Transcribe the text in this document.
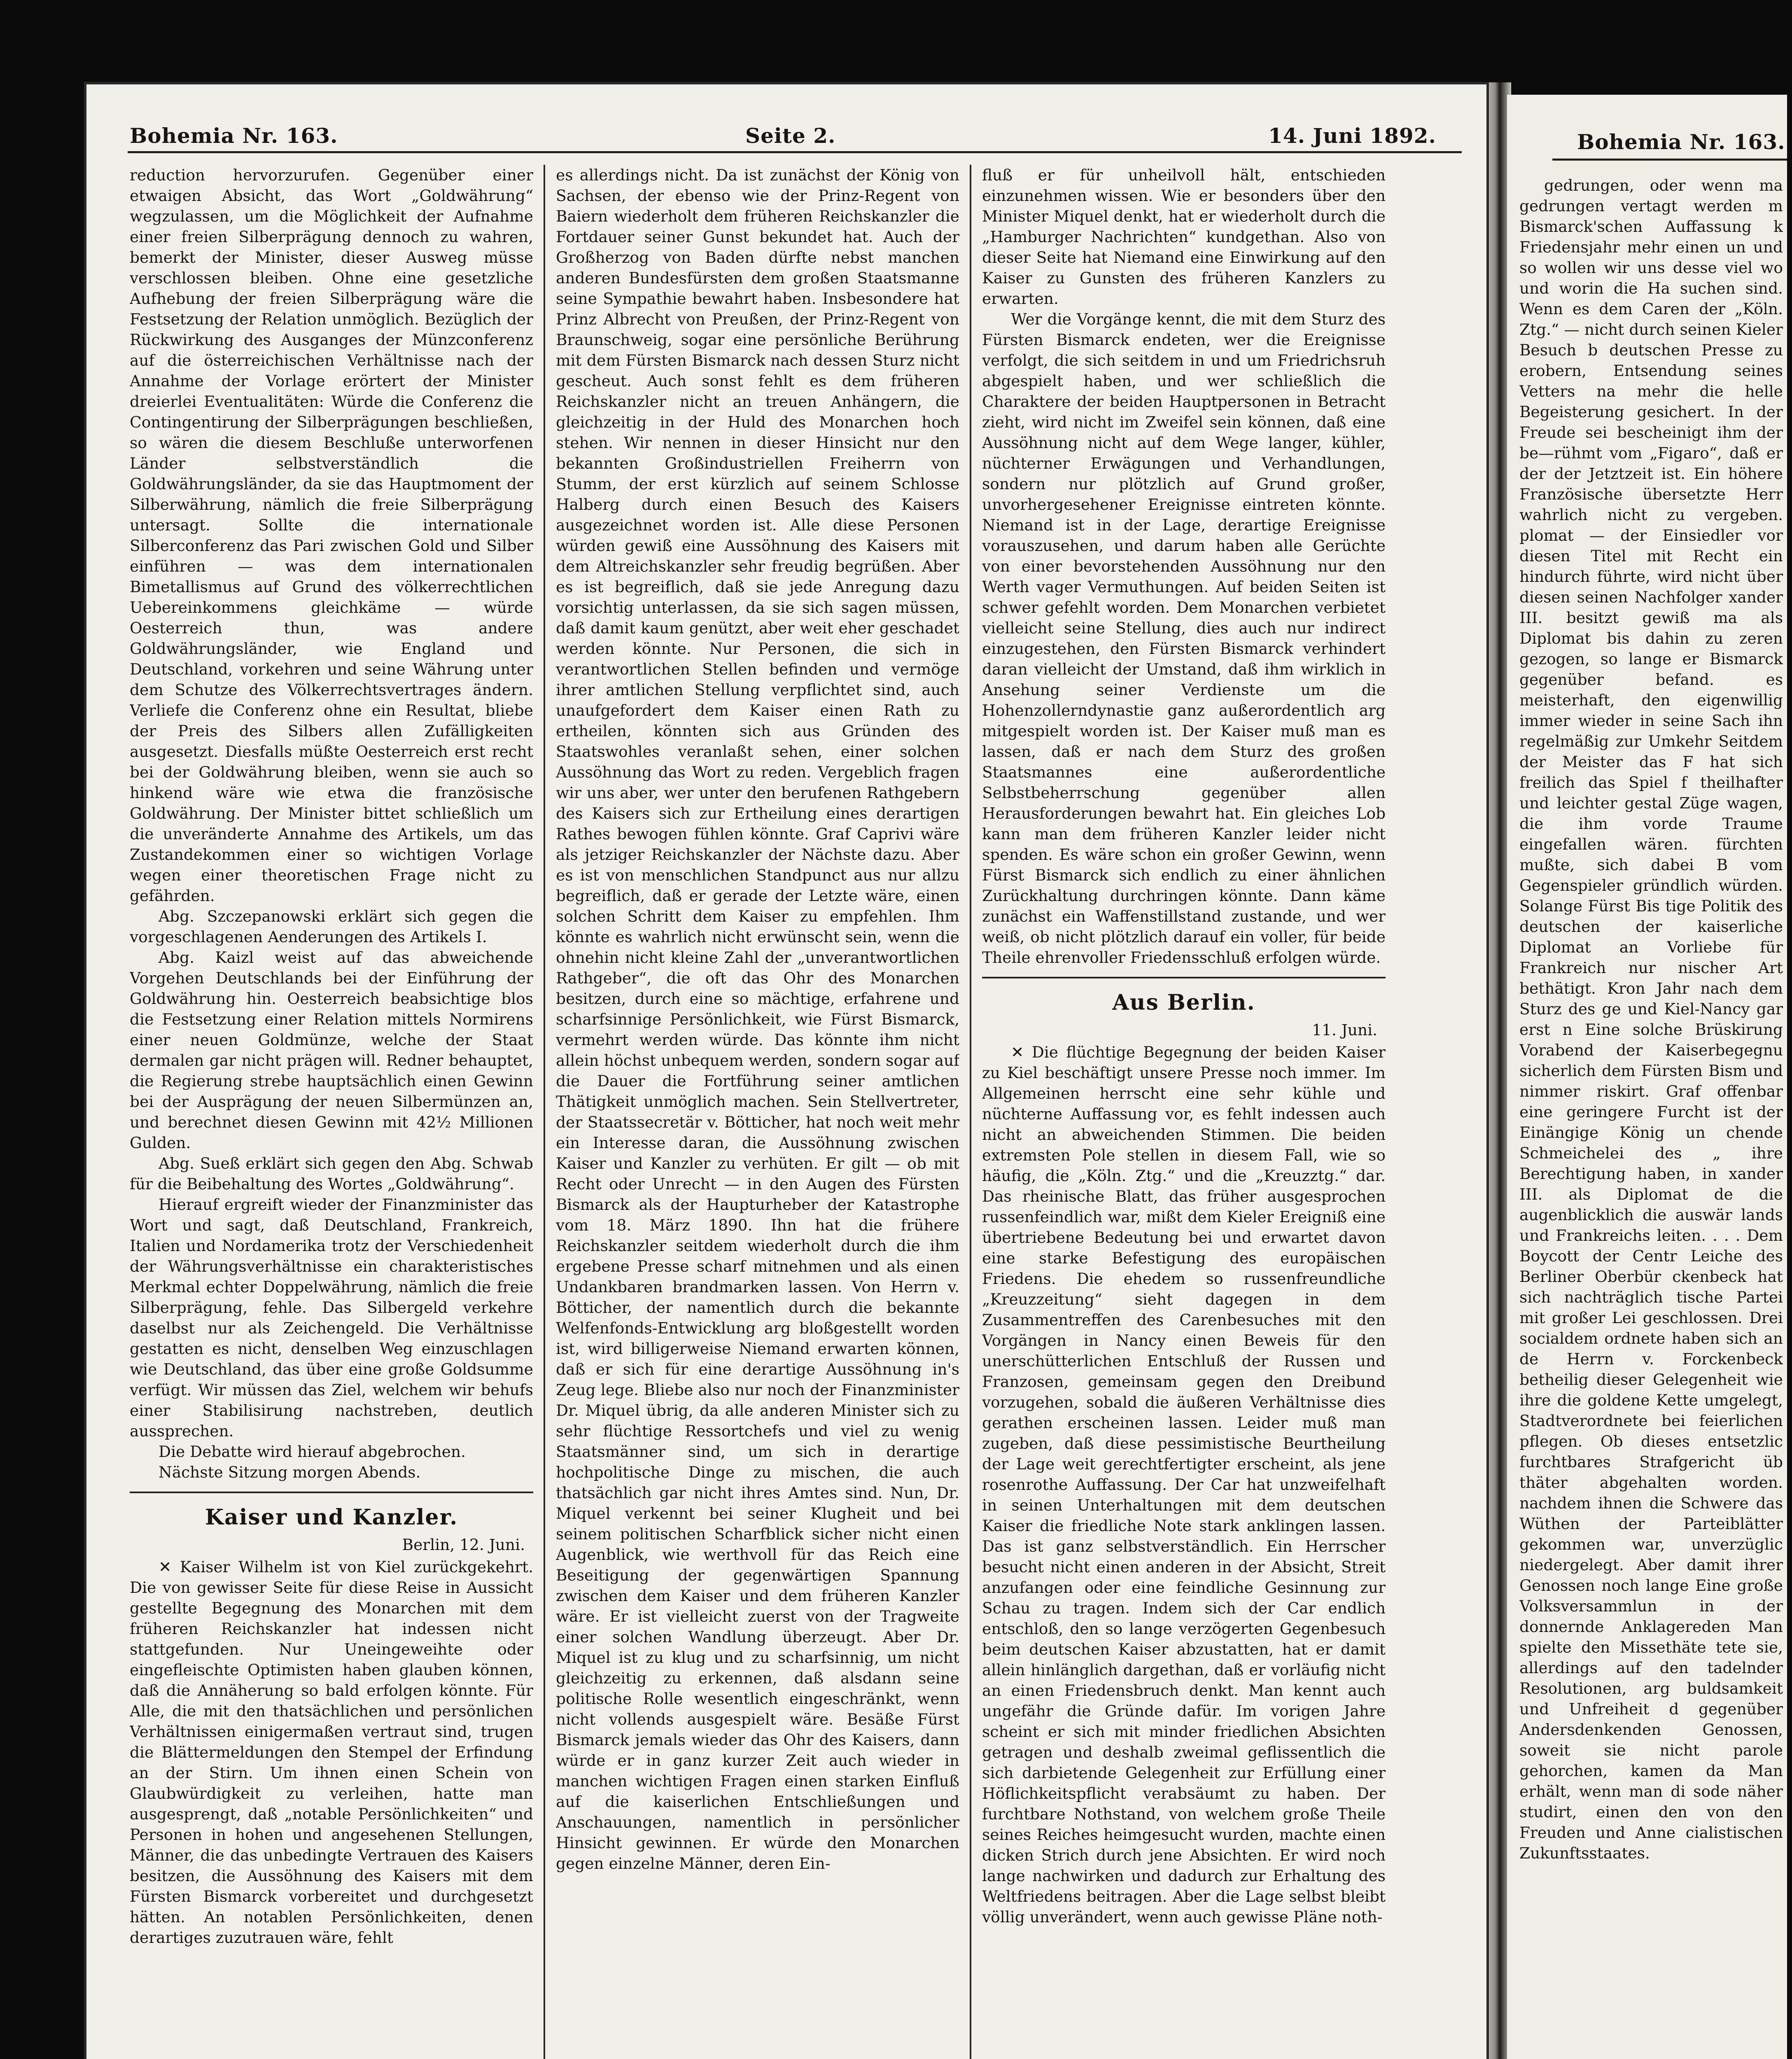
Bohemia Nr. 163.	Seite 2.	14. Juni 1892.

reduction hervorzurufen. Gegenüber einer etwaigen Absicht, das Wort „Goldwährung“ wegzulassen, um die Möglichkeit der Aufnahme einer freien Silberprägung dennoch zu wahren, bemerkt der Minister, dieser Ausweg müsse verschlossen bleiben. Ohne eine gesetzliche Aufhebung der freien Silberprägung wäre die Festsetzung der Relation unmöglich. Bezüglich der Rückwirkung des Ausganges der Münzconferenz auf die österreichischen Verhältnisse nach der Annahme der Vorlage erörtert der Minister dreierlei Eventualitäten: Würde die Conferenz die Contingentirung der Silberprägungen beschließen, so wären die diesem Beschluße unterworfenen Länder selbstverständlich die Goldwährungsländer, da sie das Hauptmoment der Silberwährung, nämlich die freie Silberprägung untersagt. Sollte die internationale Silberconferenz das Pari zwischen Gold und Silber einführen — was dem internationalen Bimetallismus auf Grund des völkerrechtlichen Uebereinkommens gleichkäme — würde Oesterreich thun, was andere Goldwährungsländer, wie England und Deutschland, vorkehren und seine Währung unter dem Schutze des Völkerrechtsvertrages ändern. Verliefe die Conferenz ohne ein Resultat, bliebe der Preis des Silbers allen Zufälligkeiten ausgesetzt. Diesfalls müßte Oesterreich erst recht bei der Goldwährung bleiben, wenn sie auch so hinkend wäre wie etwa die französische Goldwährung. Der Minister bittet schließlich um die unveränderte Annahme des Artikels, um das Zustandekommen einer so wichtigen Vorlage wegen einer theoretischen Frage nicht zu gefährden.

Abg. Szczepanowski erklärt sich gegen die vorgeschlagenen Aenderungen des Artikels I.

Abg. Kaizl weist auf das abweichende Vorgehen Deutschlands bei der Einführung der Goldwährung hin. Oesterreich beabsichtige blos die Festsetzung einer Relation mittels Normirens einer neuen Goldmünze, welche der Staat dermalen gar nicht prägen will. Redner behauptet, die Regierung strebe hauptsächlich einen Gewinn bei der Ausprägung der neuen Silbermünzen an, und berechnet diesen Gewinn mit 42½ Millionen Gulden.

Abg. Sueß erklärt sich gegen den Abg. Schwab für die Beibehaltung des Wortes „Goldwährung“.

Hierauf ergreift wieder der Finanzminister das Wort und sagt, daß Deutschland, Frankreich, Italien und Nordamerika trotz der Verschiedenheit der Währungsverhältnisse ein charakteristisches Merkmal echter Doppelwährung, nämlich die freie Silberprägung, fehle. Das Silbergeld verkehre daselbst nur als Zeichengeld. Die Verhältnisse gestatten es nicht, denselben Weg einzuschlagen wie Deutschland, das über eine große Goldsumme verfügt. Wir müssen das Ziel, welchem wir behufs einer Stabilisirung nachstreben, deutlich aussprechen.

Die Debatte wird hierauf abgebrochen.

Nächste Sitzung morgen Abends.

Kaiser und Kanzler.
Berlin, 12. Juni.

✕ Kaiser Wilhelm ist von Kiel zurückgekehrt. Die von gewisser Seite für diese Reise in Aussicht gestellte Begegnung des Monarchen mit dem früheren Reichskanzler hat indessen nicht stattgefunden. Nur Uneingeweihte oder eingefleischte Optimisten haben glauben können, daß die Annäherung so bald erfolgen könnte. Für Alle, die mit den thatsächlichen und persönlichen Verhältnissen einigermaßen vertraut sind, trugen die Blättermeldungen den Stempel der Erfindung an der Stirn. Um ihnen einen Schein von Glaubwürdigkeit zu verleihen, hatte man ausgesprengt, daß „notable Persönlichkeiten“ und Personen in hohen und angesehenen Stellungen, Männer, die das unbedingte Vertrauen des Kaisers besitzen, die Aussöhnung des Kaisers mit dem Fürsten Bismarck vorbereitet und durchgesetzt hätten. An notablen Persönlichkeiten, denen derartiges zuzutrauen wäre, fehlt

es allerdings nicht. Da ist zunächst der König von Sachsen, der ebenso wie der Prinz-Regent von Baiern wiederholt dem früheren Reichskanzler die Fortdauer seiner Gunst bekundet hat. Auch der Großherzog von Baden dürfte nebst manchen anderen Bundesfürsten dem großen Staatsmanne seine Sympathie bewahrt haben. Insbesondere hat Prinz Albrecht von Preußen, der Prinz-Regent von Braunschweig, sogar eine persönliche Berührung mit dem Fürsten Bismarck nach dessen Sturz nicht gescheut. Auch sonst fehlt es dem früheren Reichskanzler nicht an treuen Anhängern, die gleichzeitig in der Huld des Monarchen hoch stehen. Wir nennen in dieser Hinsicht nur den bekannten Großindustriellen Freiherrn von Stumm, der erst kürzlich auf seinem Schlosse Halberg durch einen Besuch des Kaisers ausgezeichnet worden ist. Alle diese Personen würden gewiß eine Aussöhnung des Kaisers mit dem Altreichskanzler sehr freudig begrüßen. Aber es ist begreiflich, daß sie jede Anregung dazu vorsichtig unterlassen, da sie sich sagen müssen, daß damit kaum genützt, aber weit eher geschadet werden könnte. Nur Personen, die sich in verantwortlichen Stellen befinden und vermöge ihrer amtlichen Stellung verpflichtet sind, auch unaufgefordert dem Kaiser einen Rath zu ertheilen, könnten sich aus Gründen des Staatswohles veranlaßt sehen, einer solchen Aussöhnung das Wort zu reden. Vergeblich fragen wir uns aber, wer unter den berufenen Rathgebern des Kaisers sich zur Ertheilung eines derartigen Rathes bewogen fühlen könnte. Graf Caprivi wäre als jetziger Reichskanzler der Nächste dazu. Aber es ist von menschlichen Standpunct aus nur allzu begreiflich, daß er gerade der Letzte wäre, einen solchen Schritt dem Kaiser zu empfehlen. Ihm könnte es wahrlich nicht erwünscht sein, wenn die ohnehin nicht kleine Zahl der „unverantwortlichen Rathgeber“, die oft das Ohr des Monarchen besitzen, durch eine so mächtige, erfahrene und scharfsinnige Persönlichkeit, wie Fürst Bismarck, vermehrt werden würde. Das könnte ihm nicht allein höchst unbequem werden, sondern sogar auf die Dauer die Fortführung seiner amtlichen Thätigkeit unmöglich machen. Sein Stellvertreter, der Staatssecretär v. Bötticher, hat noch weit mehr ein Interesse daran, die Aussöhnung zwischen Kaiser und Kanzler zu verhüten. Er gilt — ob mit Recht oder Unrecht — in den Augen des Fürsten Bismarck als der Haupturheber der Katastrophe vom 18. März 1890. Ihn hat die frühere Reichskanzler seitdem wiederholt durch die ihm ergebene Presse scharf mitnehmen und als einen Undankbaren brandmarken lassen. Von Herrn v. Bötticher, der namentlich durch die bekannte Welfenfonds-Entwicklung arg bloßgestellt worden ist, wird billigerweise Niemand erwarten können, daß er sich für eine derartige Aussöhnung in's Zeug lege. Bliebe also nur noch der Finanzminister Dr. Miquel übrig, da alle anderen Minister sich zu sehr flüchtige Ressortchefs und viel zu wenig Staatsmänner sind, um sich in derartige hochpolitische Dinge zu mischen, die auch thatsächlich gar nicht ihres Amtes sind. Nun, Dr. Miquel verkennt bei seiner Klugheit und bei seinem politischen Scharfblick sicher nicht einen Augenblick, wie werthvoll für das Reich eine Beseitigung der gegenwärtigen Spannung zwischen dem Kaiser und dem früheren Kanzler wäre. Er ist vielleicht zuerst von der Tragweite einer solchen Wandlung überzeugt. Aber Dr. Miquel ist zu klug und zu scharfsinnig, um nicht gleichzeitig zu erkennen, daß alsdann seine politische Rolle wesentlich eingeschränkt, wenn nicht vollends ausgespielt wäre. Besäße Fürst Bismarck jemals wieder das Ohr des Kaisers, dann würde er in ganz kurzer Zeit auch wieder in manchen wichtigen Fragen einen starken Einfluß auf die kaiserlichen Entschließungen und Anschauungen, namentlich in persönlicher Hinsicht gewinnen. Er würde den Monarchen gegen einzelne Männer, deren Ein-

fluß er für unheilvoll hält, entschieden einzunehmen wissen. Wie er besonders über den Minister Miquel denkt, hat er wiederholt durch die „Hamburger Nachrichten“ kundgethan. Also von dieser Seite hat Niemand eine Einwirkung auf den Kaiser zu Gunsten des früheren Kanzlers zu erwarten.

Wer die Vorgänge kennt, die mit dem Sturz des Fürsten Bismarck endeten, wer die Ereignisse verfolgt, die sich seitdem in und um Friedrichsruh abgespielt haben, und wer schließlich die Charaktere der beiden Hauptpersonen in Betracht zieht, wird nicht im Zweifel sein können, daß eine Aussöhnung nicht auf dem Wege langer, kühler, nüchterner Erwägungen und Verhandlungen, sondern nur plötzlich auf Grund großer, unvorhergesehener Ereignisse eintreten könnte. Niemand ist in der Lage, derartige Ereignisse vorauszusehen, und darum haben alle Gerüchte von einer bevorstehenden Aussöhnung nur den Werth vager Vermuthungen. Auf beiden Seiten ist schwer gefehlt worden. Dem Monarchen verbietet vielleicht seine Stellung, dies auch nur indirect einzugestehen, den Fürsten Bismarck verhindert daran vielleicht der Umstand, daß ihm wirklich in Ansehung seiner Verdienste um die Hohenzollerndynastie ganz außerordentlich arg mitgespielt worden ist. Der Kaiser muß man es lassen, daß er nach dem Sturz des großen Staatsmannes eine außerordentliche Selbstbeherrschung gegenüber allen Herausforderungen bewahrt hat. Ein gleiches Lob kann man dem früheren Kanzler leider nicht spenden. Es wäre schon ein großer Gewinn, wenn Fürst Bismarck sich endlich zu einer ähnlichen Zurückhaltung durchringen könnte. Dann käme zunächst ein Waffenstillstand zustande, und wer weiß, ob nicht plötzlich darauf ein voller, für beide Theile ehrenvoller Friedensschluß erfolgen würde.

Aus Berlin.
11. Juni.

✕ Die flüchtige Begegnung der beiden Kaiser zu Kiel beschäftigt unsere Presse noch immer. Im Allgemeinen herrscht eine sehr kühle und nüchterne Auffassung vor, es fehlt indessen auch nicht an abweichenden Stimmen. Die beiden extremsten Pole stellen in diesem Fall, wie so häufig, die „Köln. Ztg.“ und die „Kreuzztg.“ dar. Das rheinische Blatt, das früher ausgesprochen russenfeindlich war, mißt dem Kieler Ereigniß eine übertriebene Bedeutung bei und erwartet davon eine starke Befestigung des europäischen Friedens. Die ehedem so russenfreundliche „Kreuzzeitung“ sieht dagegen in dem Zusammentreffen des Carenbesuches mit den Vorgängen in Nancy einen Beweis für den unerschütterlichen Entschluß der Russen und Franzosen, gemeinsam gegen den Dreibund vorzugehen, sobald die äußeren Verhältnisse dies gerathen erscheinen lassen. Leider muß man zugeben, daß diese pessimistische Beurtheilung der Lage weit gerechtfertigter erscheint, als jene rosenrothe Auffassung. Der Car hat unzweifelhaft in seinen Unterhaltungen mit dem deutschen Kaiser die friedliche Note stark anklingen lassen. Das ist ganz selbstverständlich. Ein Herrscher besucht nicht einen anderen in der Absicht, Streit anzufangen oder eine feindliche Gesinnung zur Schau zu tragen. Indem sich der Car endlich entschloß, den so lange verzögerten Gegenbesuch beim deutschen Kaiser abzustatten, hat er damit allein hinlänglich dargethan, daß er vorläufig nicht an einen Friedensbruch denkt. Man kennt auch ungefähr die Gründe dafür. Im vorigen Jahre scheint er sich mit minder friedlichen Absichten getragen und deshalb zweimal geflissentlich die sich darbietende Gelegenheit zur Erfüllung einer Höflichkeitspflicht verabsäumt zu haben. Der furchtbare Nothstand, von welchem große Theile seines Reiches heimgesucht wurden, machte einen dicken Strich durch jene Absichten. Er wird noch lange nachwirken und dadurch zur Erhaltung des Weltfriedens beitragen. Aber die Lage selbst bleibt völlig unverändert, wenn auch gewisse Pläne noth-

Bohemia Nr. 163.

gedrungen, oder wenn ma gedrungen vertagt werden m Bismarck'schen Auffassung k Friedensjahr mehr einen un und so wollen wir uns desse viel wo und worin die Ha suchen sind. Wenn es dem Caren der „Köln. Ztg.“ — nicht durch seinen Kieler Besuch b deutschen Presse zu erobern, Entsendung seines Vetters na mehr die helle Begeisterung gesichert. In der Freude sei bescheinigt ihm der be—rühmt vom „Figaro“, daß er der der Jetztzeit ist. Ein höhere Französische übersetzte Herr wahrlich nicht zu vergeben. plomat — der Einsiedler vor diesen Titel mit Recht ein hindurch führte, wird nicht über diesen seinen Nachfolger xander III. besitzt gewiß ma als Diplomat bis dahin zu zeren gezogen, so lange er Bismarck gegenüber befand. es meisterhaft, den eigenwillig immer wieder in seine Sach ihn regelmäßig zur Umkehr Seitdem der Meister das F hat sich freilich das Spiel f theilhafter und leichter gestal Züge wagen, die ihm vorde Traume eingefallen wären. fürchten mußte, sich dabei B vom Gegenspieler gründlich würden. Solange Fürst Bis tige Politik des deutschen der kaiserliche Diplomat an Vorliebe für Frankreich nur nischer Art bethätigt. Kron Jahr nach dem Sturz des ge und Kiel-Nancy gar erst n Eine solche Brüskirung Vorabend der Kaiserbegegnu sicherlich dem Fürsten Bism und nimmer riskirt. Graf offenbar eine geringere Furcht ist der Einängige König un chende Schmeichelei des „ ihre Berechtigung haben, in xander III. als Diplomat de die augenblicklich die auswär lands und Frankreichs leiten. . . . Dem Boycott der Centr Leiche des Berliner Oberbür ckenbeck hat sich nachträglich tische Partei mit großer Lei geschlossen. Drei socialdem ordnete haben sich an de Herrn v. Forckenbeck betheilig dieser Gelegenheit wie ihre die goldene Kette umgelegt, Stadtverordnete bei feierlichen pflegen. Ob dieses entsetzlic furchtbares Strafgericht üb thäter abgehalten worden. nachdem ihnen die Schwere das Wüthen der Parteiblätter gekommen war, unverzüglic niedergelegt. Aber damit ihrer Genossen noch lange Eine große Volksversammlun in der donnernde Anklagereden Man spielte den Missethäte tete sie, allerdings auf den tadelnder Resolutionen, arg buldsamkeit und Unfreiheit d gegenüber Andersdenkenden Genossen, soweit sie nicht parole gehorchen, kamen da Man erhält, wenn man di sode näher studirt, einen den von den Freuden und Anne cialistischen Zukunftsstaates.
